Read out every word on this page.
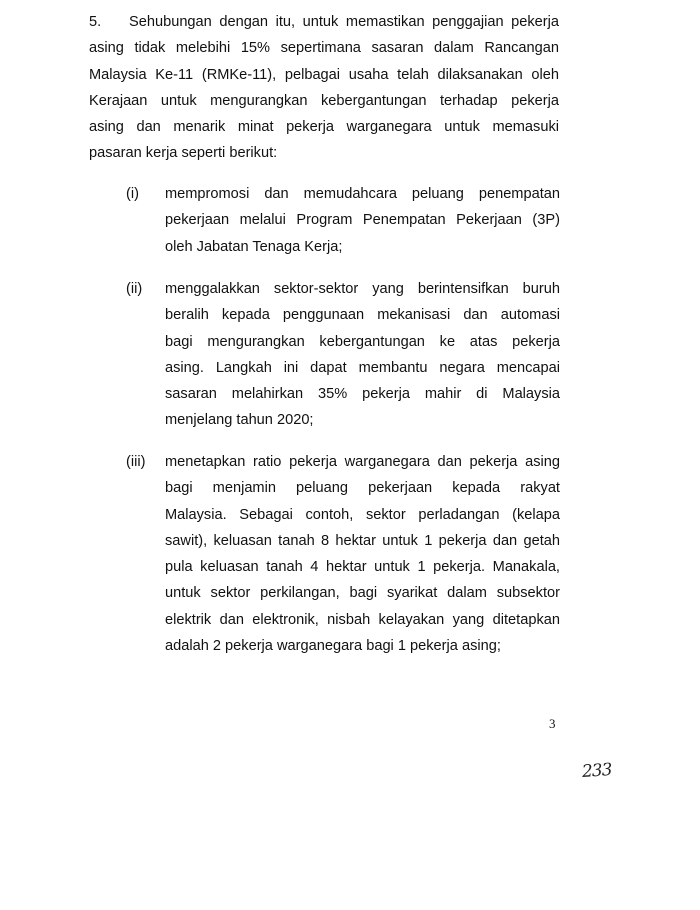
5. Sehubungan dengan itu, untuk memastikan penggajian pekerja
asing tidak melebihi 15% sepertimana sasaran dalam Rancangan
Malaysia Ke-11 (RMKe-11), pelbagai usaha telah dilaksanakan oleh
Kerajaan untuk mengurangkan kebergantungan terhadap pekerja
asing dan menarik minat pekerja warganegara untuk memasuki
pasaran kerja seperti berikut:
(i) mempromosi dan memudahcara peluang penempatan
pekerjaan melalui Program Penempatan Pekerjaan (3P)
oleh Jabatan Tenaga Kerja;
(ii) menggalakkan sektor-sektor yang berintensifkan buruh
beralih kepada penggunaan mekanisasi dan automasi
bagi mengurangkan kebergantungan ke atas pekerja
asing. Langkah ini dapat membantu negara mencapai
sasaran melahirkan 35% pekerja mahir di Malaysia
menjelang tahun 2020;
(iii) menetapkan ratio pekerja warganegara dan pekerja asing
bagi menjamin peluang pekerjaan kepada rakyat
Malaysia. Sebagai contoh, sektor perladangan (kelapa
sawit), keluasan tanah 8 hektar untuk 1 pekerja dan getah
pula keluasan tanah 4 hektar untuk 1 pekerja. Manakala,
untuk sektor perkilangan, bagi syarikat dalam subsektor
elektrik dan elektronik, nisbah kelayakan yang ditetapkan
adalah 2 pekerja warganegara bagi 1 pekerja asing;
3
233
